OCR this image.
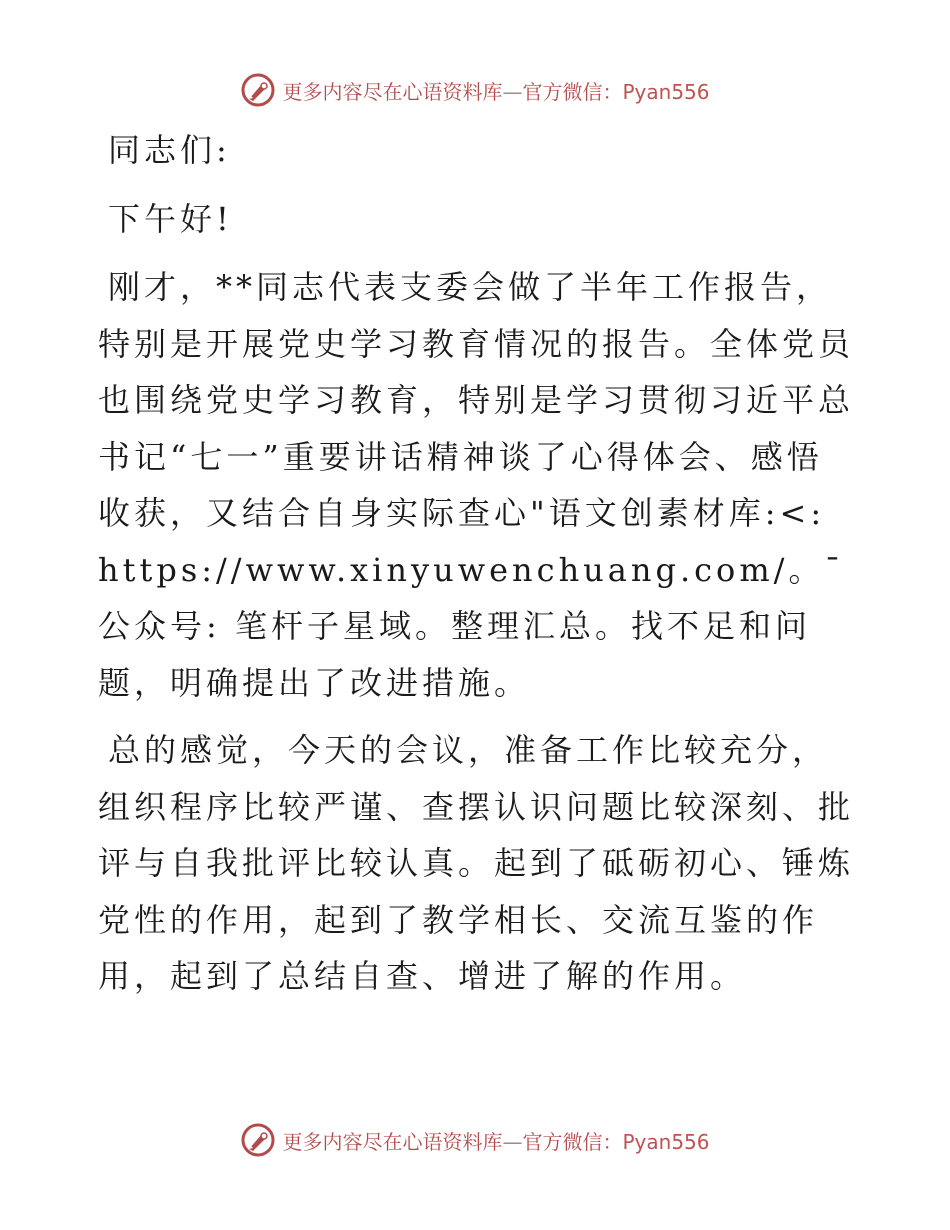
更多内容尽在心语资料库—官方微信：Pyan556

同志们:

下午好!

刚才，**同志代表支委会做了半年工作报告，特别是开展党史学习教育情况的报告。全体党员也围绕党史学习教育，特别是学习贯彻习近平总书记“七一”重要讲话精神谈了心得体会、感悟收获，又结合自身实际查心"语文创素材库:<: https://www.xinyuwenchuang.com/。¯公众号: 笔杆子星域。整理汇总。找不足和问题，明确提出了改进措施。

总的感觉，今天的会议，准备工作比较充分，组织程序比较严谨、查摆认识问题比较深刻、批评与自我批评比较认真。起到了砥砺初心、锤炼党性的作用，起到了教学相长、交流互鉴的作用，起到了总结自查、增进了解的作用。

更多内容尽在心语资料库—官方微信：Pyan556
